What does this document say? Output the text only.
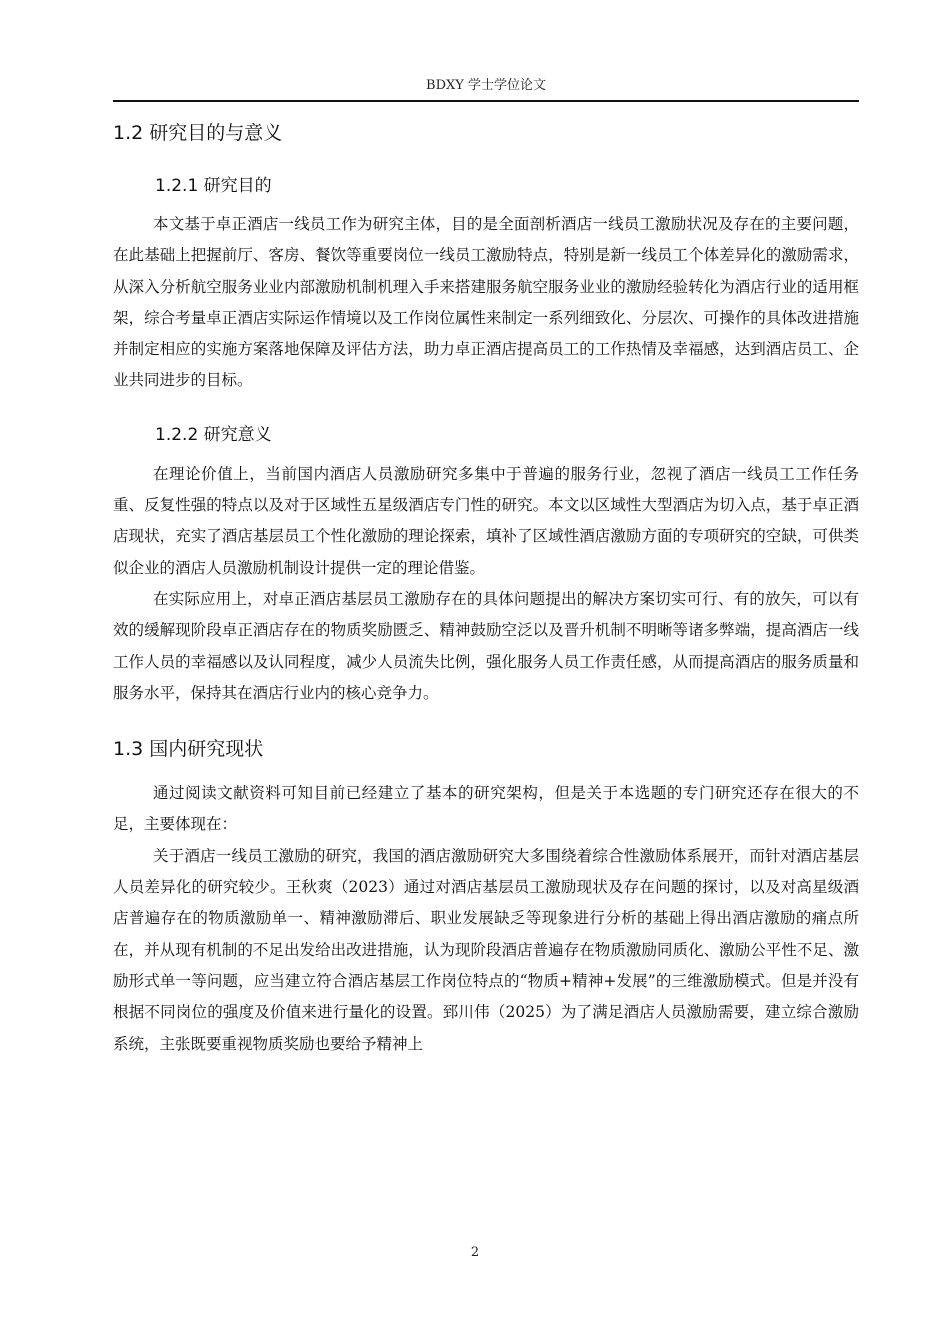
BDXY 学士学位论文
1.2 研究目的与意义
1.2.1 研究目的

本文基于卓正酒店一线员工作为研究主体，目的是全面剖析酒店一线员工激励状况及存在的主要问题，在此基础上把握前厅、客房、餐饮等重要岗位一线员工激励特点，特别是新一线员工个体差异化的激励需求，从深入分析航空服务业业内部激励机制机理入手来搭建服务航空服务业业的激励经验转化为酒店行业的适用框架，综合考量卓正酒店实际运作情境以及工作岗位属性来制定一系列细致化、分层次、可操作的具体改进措施并制定相应的实施方案落地保障及评估方法，助力卓正酒店提高员工的工作热情及幸福感，达到酒店员工、企业共同进步的目标。

1.2.2 研究意义

在理论价值上，当前国内酒店人员激励研究多集中于普遍的服务行业，忽视了酒店一线员工工作任务重、反复性强的特点以及对于区域性五星级酒店专门性的研究。本文以区域性大型酒店为切入点，基于卓正酒店现状，充实了酒店基层员工个性化激励的理论探索，填补了区域性酒店激励方面的专项研究的空缺，可供类似企业的酒店人员激励机制设计提供一定的理论借鉴。

在实际应用上，对卓正酒店基层员工激励存在的具体问题提出的解决方案切实可行、有的放矢，可以有效的缓解现阶段卓正酒店存在的物质奖励匮乏、精神鼓励空泛以及晋升机制不明晰等诸多弊端，提高酒店一线工作人员的幸福感以及认同程度，减少人员流失比例，强化服务人员工作责任感，从而提高酒店的服务质量和服务水平，保持其在酒店行业内的核心竞争力。

1.3 国内研究现状

通过阅读文献资料可知目前已经建立了基本的研究架构，但是关于本选题的专门研究还存在很大的不足，主要体现在：

关于酒店一线员工激励的研究，我国的酒店激励研究大多围绕着综合性激励体系展开，而针对酒店基层人员差异化的研究较少。王秋爽（2023）通过对酒店基层员工激励现状及存在问题的探讨，以及对高星级酒店普遍存在的物质激励单一、精神激励滞后、职业发展缺乏等现象进行分析的基础上得出酒店激励的痛点所在，并从现有机制的不足出发给出改进措施，认为现阶段酒店普遍存在物质激励同质化、激励公平性不足、激励形式单一等问题，应当建立符合酒店基层工作岗位特点的“物质+精神+发展”的三维激励模式。但是并没有根据不同岗位的强度及价值来进行量化的设置。郅川伟（2025）为了满足酒店人员激励需要，建立综合激励系统，主张既要重视物质奖励也要给予精神上

2
